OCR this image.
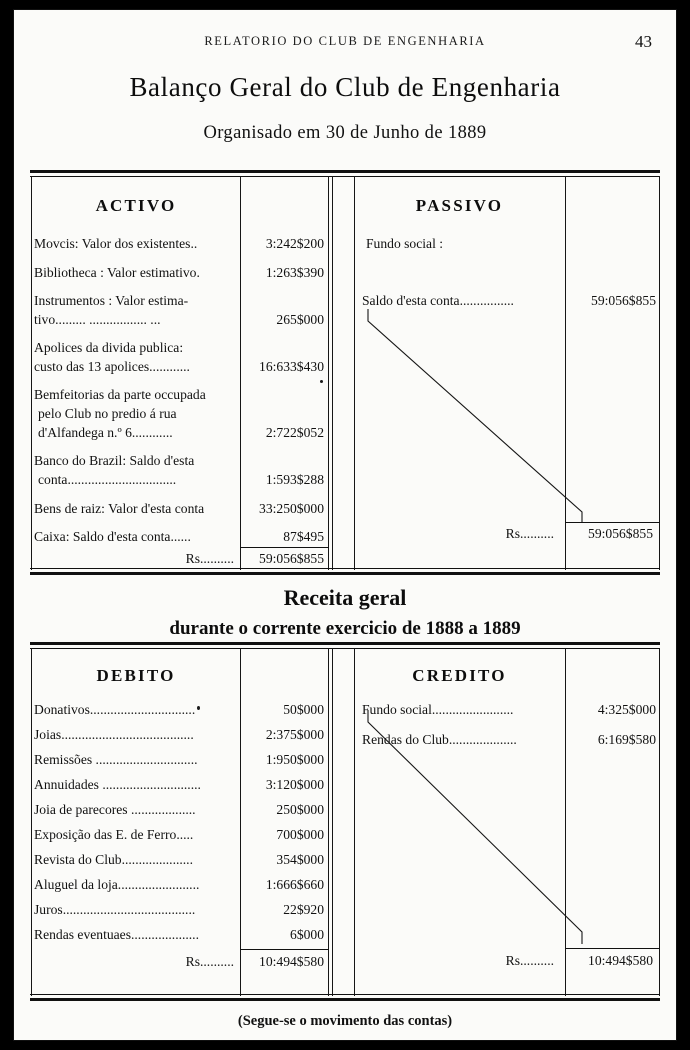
RELATORIO DO CLUB DE ENGENHARIA	43
Balanço Geral do Club de Engenharia
Organisado em 30 de Junho de 1889
ACTIVO	PASSIVO
Movcis: Valor dos existentes..	3:242$200
Bibliotheca : Valor estimativo.	1:263$390
Instrumentos : Valor estima-
tivo......... ................. ...	265$000
Apolices da divida publica:
custo das 13 apolices............	16:633$430
Bemfeitorias da parte occupada
pelo Club no predio á rua
d'Alfandega n.º 6............	2:722$052
Banco do Brazil: Saldo d'esta
conta................................	1:593$288
Bens de raiz: Valor d'esta conta	33:250$000
Caixa: Saldo d'esta conta......	87$495
Rs..........	59:056$855
Fundo social :
Saldo d'esta conta................	59:056$855
Rs..........	59:056$855
Receita geral
durante o corrente exercicio de 1888 a 1889
DEBITO	CREDITO
Donativos...............................	50$000
Joias.......................................	2:375$000
Remissões ..............................	1:950$000
Annuidades .............................	3:120$000
Joia de parecores ...................	250$000
Exposição das E. de Ferro.....	700$000
Revista do Club.....................	354$000
Aluguel da loja........................	1:666$660
Juros.......................................	22$920
Rendas eventuaes....................	6$000
Rs..........	10:494$580
Fundo social........................	4:325$000
Rendas do Club....................	6:169$580
Rs..........	10:494$580
(Segue-se o movimento das contas)
